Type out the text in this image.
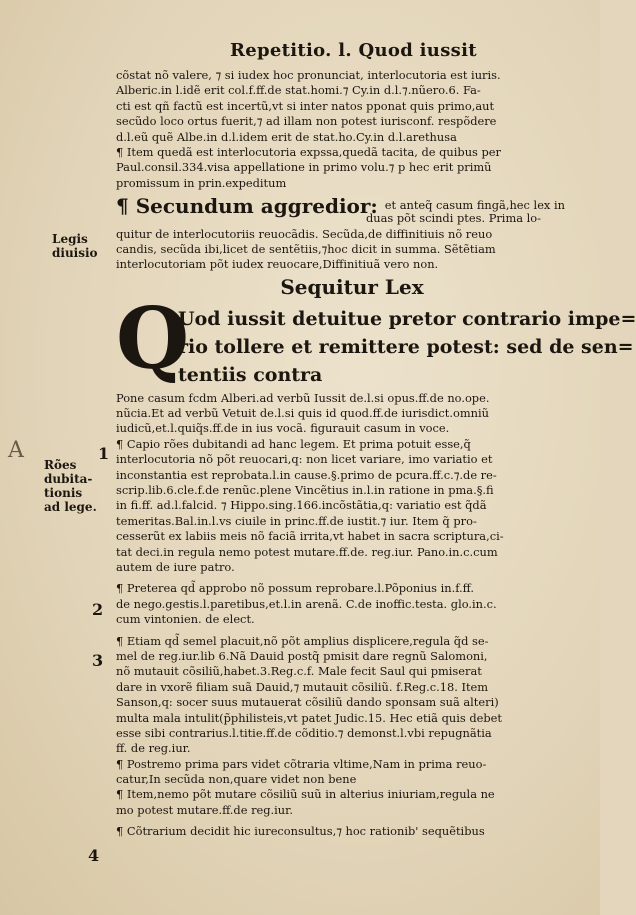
Repetitio. l. Quod iussit
cõstat nõ valere, ⁊ si iudex hoc pronunciat, interlocutoria est iuris.
Alberic.in l.idẽ erit col.f.ff.de stat.homi.⁊ Cy.in d.l.⁊.nũero.6. Fa-
cti est qñ factũ est incertũ,vt si inter natos pponat quis primo,aut
secũdo loco ortus fuerit,⁊ ad illam non potest iurisconf. respõdere
d.l.eũ quẽ Albe.in d.l.idem erit de stat.ho.Cy.in d.l.arethusa
¶ Item quedã est interlocutoria expssa,quedã tacita, de quibus per
Paul.consil.334.visa appellatione in primo volu.⁊ p hec erit primũ
promissum in prin.expeditum
¶ Secundum aggredior: $^{et anteq̃ casum fingã,hec lex in}$
duas põt scindi ptes. Prima lo-
quitur de interlocutoriis reuocãdis. Secũda,de diffinitiuis nõ reuo
candis, secũda ibi,licet de sentẽtiis,⁊hoc dicit in summa. Sẽtẽtiam
interlocutoriam põt iudex reuocare,Diffinitiuã vero non.
Sequitur Lex
Q
Uod iussit detuitue pretor contrario impe=
rio tollere et remittere potest: sed de sen=
tentiis contra
Pone casum fcdm Alberi.ad verbũ Iussit de.l.si opus.ff.de no.ope.
nũcia.Et ad verbũ Vetuit de.l.si quis id quod.ff.de iurisdict.omniũ
iudicũ,et.l.quiq̃s.ff.de in ius vocã. figurauit casum in voce.
¶ Capio rões dubitandi ad hanc legem. Et prima potuit esse,q̃
interlocutoria nõ põt reuocari,q: non licet variare, imo variatio et
inconstantia est reprobata.l.in cause.§.primo de pcura.ff.c.⁊.de re-
scrip.lib.6.cle.f.de renũc.plene Vincẽtius in.l.in ratione in pma.§.fi
in fi.ff. ad.l.falcid. ⁊ Hippo.sing.166.incõstãtia,q: variatio est q̃dã
temeritas.Bal.in.l.vs ciuile in princ.ff.de iustit.⁊ iur. Item q̃ pro-
cesserũt ex labiis meis nõ faciã irrita,vt habet in sacra scriptura,ci-
tat deci.in regula nemo potest mutare.ff.de. reg.iur. Pano.in.c.cum
autem de iure patro.
¶ Preterea qd̃ approbo nõ possum reprobare.l.Põponius in.f.ff.
de nego.gestis.l.paretibus,et.l.in arenã. C.de inoffic.testa. glo.in.c.
cum vintonien. de elect.
¶ Etiam qd̃ semel placuit,nõ põt amplius displicere,regula q̃d se-
mel de reg.iur.lib 6.Nã Dauid postq̃ pmisit dare regnũ Salomoni,
nõ mutauit cõsiliũ,habet.3.Reg.c.f. Male fecit Saul qui pmiserat
dare in vxorẽ filiam suã Dauid,⁊ mutauit cõsiliũ. f.Reg.c.18. Item
Sanson,q: socer suus mutauerat cõsiliũ dando sponsam suã alteri)
multa mala intulit(p̃philisteis,vt patet Judic.15. Hec etiã quis debet
esse sibi contrarius.l.titie.ff.de cõditio.⁊ demonst.l.vbi repugnãtia
ff. de reg.iur.
¶ Postremo prima pars videt cõtraria vltime,Nam in prima reuo-
catur,In secũda non,quare videt non bene
¶ Item,nemo põt mutare cõsiliũ suũ in alterius iniuriam,regula ne
mo potest mutare.ff.de reg.iur.
¶ Cõtrarium decidit hic iureconsultus,⁊ hoc rationib' sequẽtibus
Legis
diuisio
Rões
dubita-
tionis
ad lege.
1
2
3
4
A
